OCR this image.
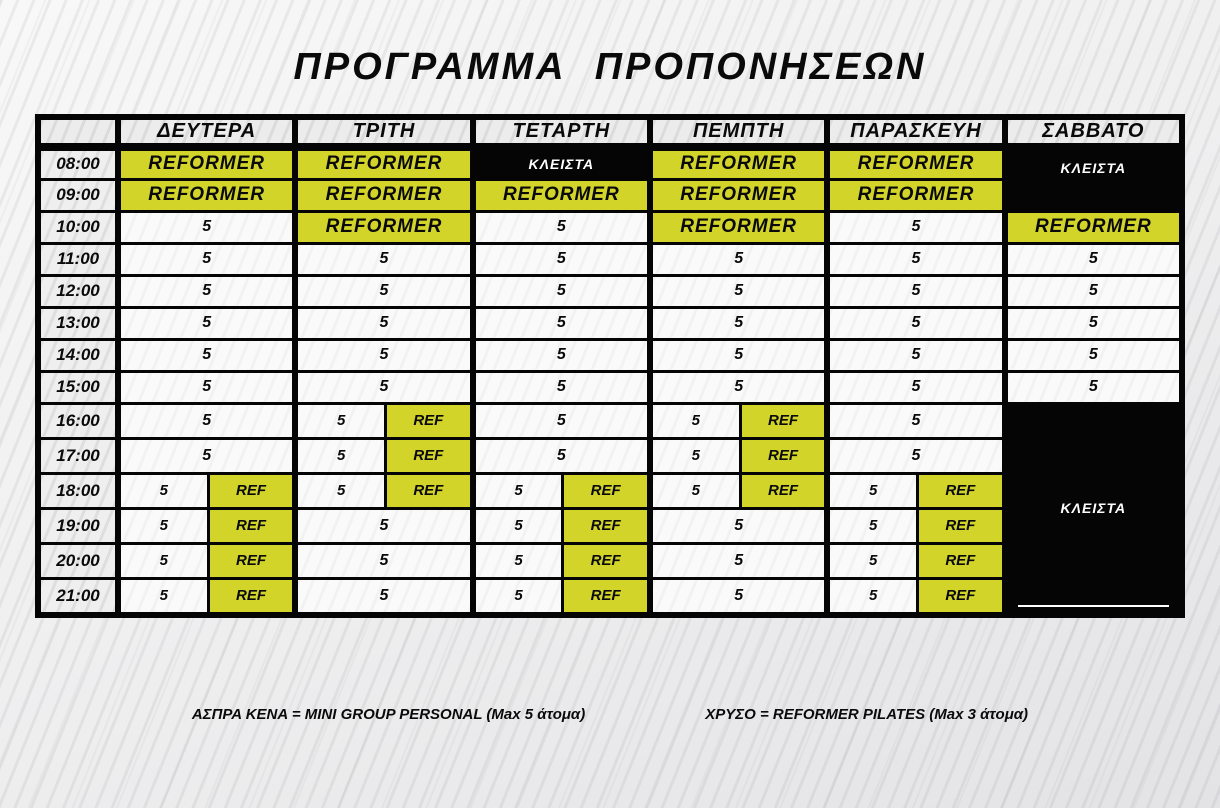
ΠΡΟΓΡΑΜΜΑ ΠΡΟΠΟΝΗΣΕΩΝ
	ΔΕΥΤΕΡΑ	ΤΡΙΤΗ	ΤΕΤΑΡΤΗ	ΠΕΜΠΤΗ	ΠΑΡΑΣΚΕΥΗ	ΣΑΒΒΑΤΟ
08:00	REFORMER	REFORMER	ΚΛΕΙΣΤΑ	REFORMER	REFORMER	ΚΛΕΙΣΤΑ
09:00	REFORMER	REFORMER	REFORMER	REFORMER	REFORMER	
10:00	5	REFORMER	5	REFORMER	5	REFORMER
11:00	5	5	5	5	5	5
12:00	5	5	5	5	5	5
13:00	5	5	5	5	5	5
14:00	5	5	5	5	5	5
15:00	5	5	5	5	5	5
16:00	5	5 REF	5	5 REF	5	ΚΛΕΙΣΤΑ
17:00	5	5 REF	5	5 REF	5	
18:00	5 REF	5 REF	5 REF	5 REF	5 REF	

19:00	5 REF	5	5 REF	5	5 REF	

20:00	5 REF	5	5 REF	5	5 REF	

21:00	5 REF	5	5 REF	5	5 REF	
ΑΣΠΡΑ ΚΕΝΑ = MINI GROUP PERSONAL (Max 5 άτομα)	ΧΡΥΣΟ = REFORMER PILATES (Max 3 άτομα)
